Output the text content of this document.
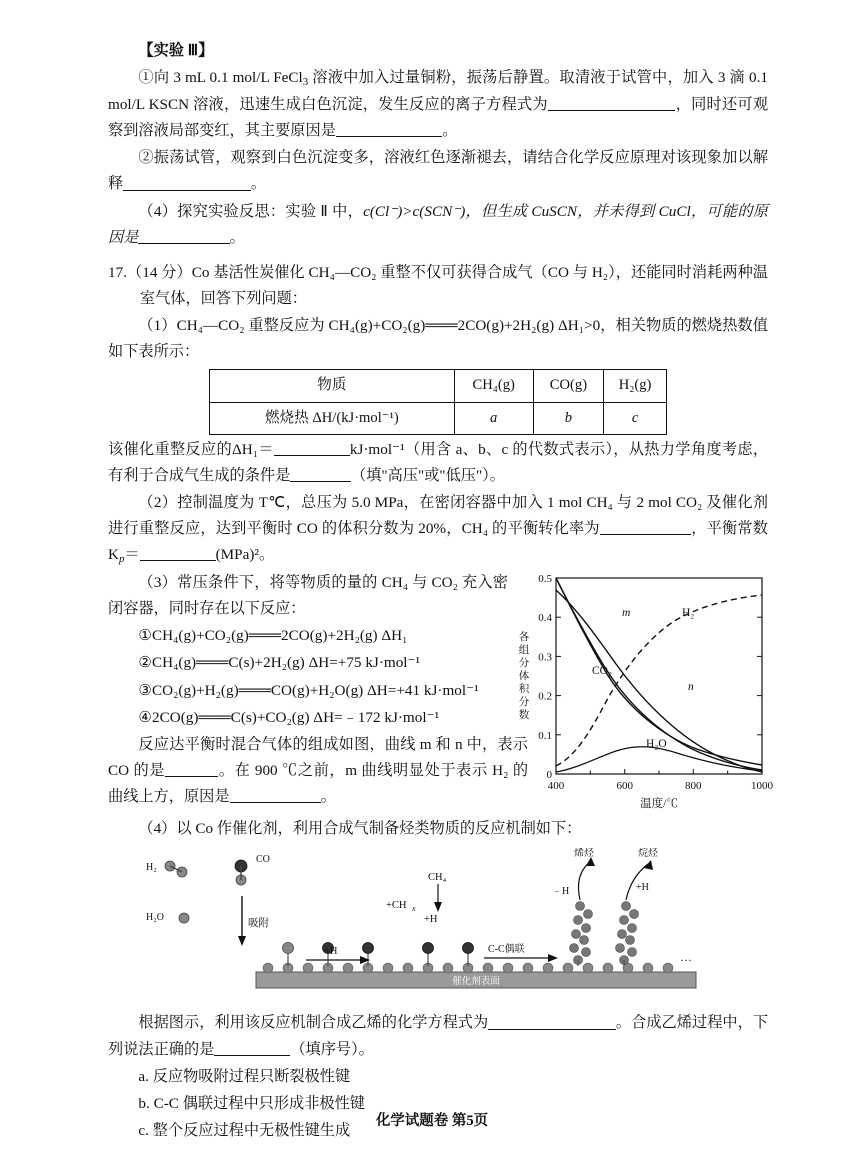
【实验 Ⅲ】
①向 3 mL 0.1 mol/L FeCl$_3$ 溶液中加入过量铜粉，振荡后静置。取清液于试管中，加入 3 滴 0.1 mol/L KSCN 溶液，迅速生成白色沉淀，发生反应的离子方程式为	，同时还可观察到溶液局部变红，其主要原因是	。
②振荡试管，观察到白色沉淀变多，溶液红色逐渐褪去，请结合化学反应原理对该现象加以解释	。
（4）探究实验反思：实验 Ⅱ 中，c(Cl⁻)>c(SCN⁻)，但生成 CuSCN，并未得到 CuCl，可能的原因是	。
17.（14 分）Co 基活性炭催化 CH₄—CO₂ 重整不仅可获得合成气（CO 与 H₂），还能同时消耗两种温室气体，回答下列问题：
（1）CH₄—CO₂ 重整反应为 CH₄(g)+CO₂(g)═══2CO(g)+2H₂(g) ΔH₁>0，相关物质的燃烧热数值如下表所示：
物质	CH₄(g)	CO(g)	H₂(g)
燃烧热 ΔH/(kJ·mol⁻¹)	a	b	c
该催化重整反应的ΔH₁＝	kJ·mol⁻¹（用含 a、b、c 的代数式表示），从热力学角度考虑，有利于合成气生成的条件是	（填"高压"或"低压"）。
（2）控制温度为 T℃，总压为 5.0 MPa，在密闭容器中加入 1 mol CH₄ 与 2 mol CO₂ 及催化剂进行重整反应，达到平衡时 CO 的体积分数为 20%，CH₄ 的平衡转化率为	，平衡常数 $K_p=$	(MPa)²。
0
0.1
0.2
0.3
0.4
0.5
400	600	800	1000
温度/℃
各
组
分
体
积
分
数
m	H₂
CO₂
n
H₂O
（3）常压条件下，将等物质的量的 CH₄ 与 CO₂ 充入密闭容器，同时存在以下反应：
①CH₄(g)+CO₂(g)═══2CO(g)+2H₂(g) ΔH₁
②CH₄(g)═══C(s)+2H₂(g) ΔH=+75 kJ·mol⁻¹
③CO₂(g)+H₂(g)═══CO(g)+H₂O(g) ΔH=+41 kJ·mol⁻¹
④2CO(g)═══C(s)+CO₂(g) ΔH=﹣172 kJ·mol⁻¹
反应达平衡时混合气体的组成如图，曲线 m 和 n 中，表示 CO 的是	。在 900 ℃之前，m 曲线明显处于表示 H₂ 的曲线上方，原因是	。
（4）以 Co 作催化剂，利用合成气制备烃类物质的反应机制如下：
催化剂表面
H₂
CO
H₂O
吸附
+H
CH₄
+CH x
+H
C-C偶联
烯烃	烷烃
﹣H	+H
···
根据图示，利用该反应机制合成乙烯的化学方程式为	。合成乙烯过程中，下列说法正确的是	（填序号）。
a. 反应物吸附过程只断裂极性键
b. C-C 偶联过程中只形成非极性键
c. 整个反应过程中无极性键生成
化学试题卷 第5页
